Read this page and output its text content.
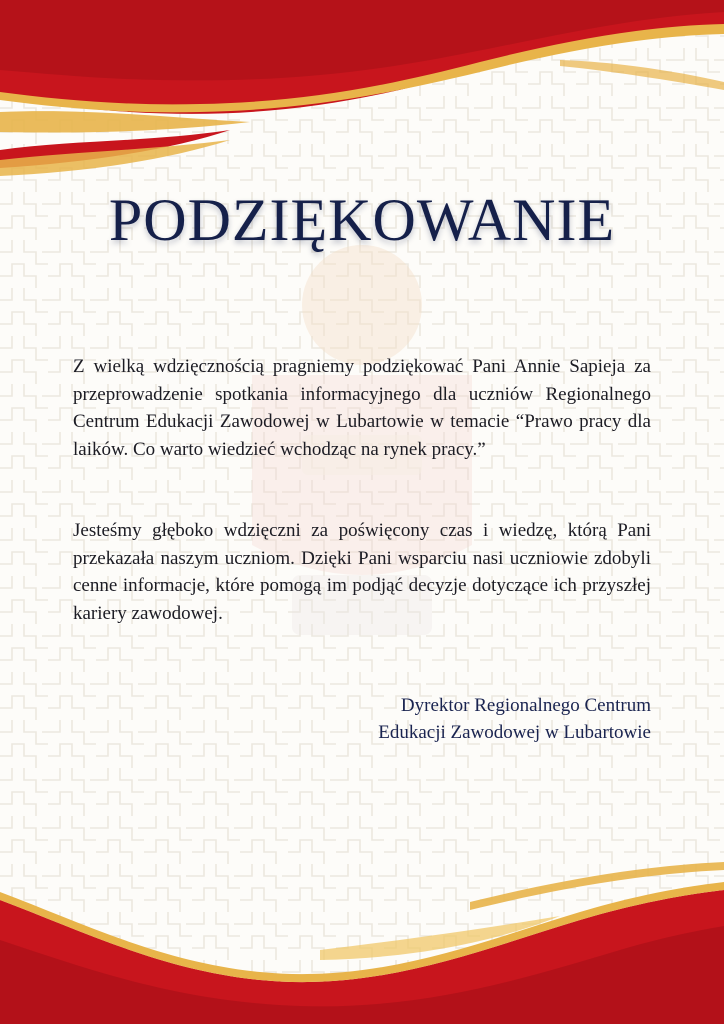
PODZIĘKOWANIE

Z wielką wdzięcznością pragniemy podziękować Pani Annie Sapieja za przeprowadzenie spotkania informacyjnego dla uczniów Regionalnego Centrum Edukacji Zawodowej w Lubartowie w temacie “Prawo pracy dla laików. Co warto wiedzieć wchodząc na rynek pracy.”

Jesteśmy głęboko wdzięczni za poświęcony czas i wiedzę, którą Pani przekazała naszym uczniom. Dzięki Pani wsparciu nasi uczniowie zdobyli cenne informacje, które pomogą im podjąć decyzje dotyczące ich przyszłej kariery zawodowej.

Dyrektor Regionalnego Centrum
Edukacji Zawodowej w Lubartowie
